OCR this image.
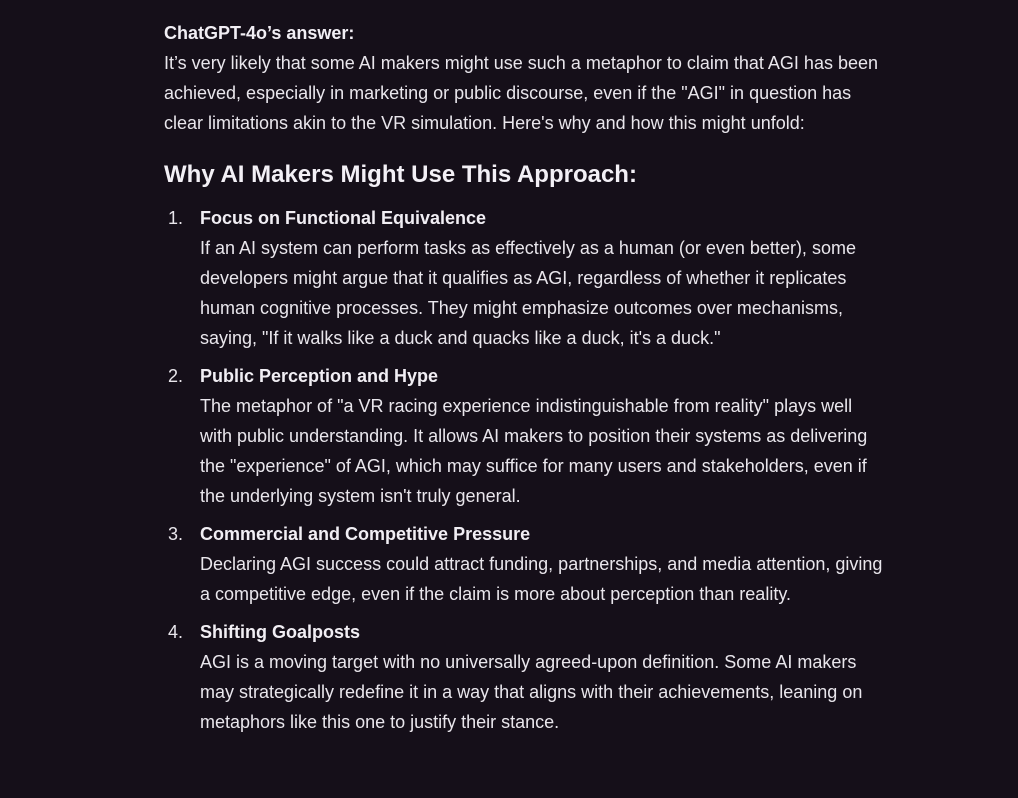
ChatGPT-4o’s answer:

It’s very likely that some AI makers might use such a metaphor to claim that AGI has been achieved, especially in marketing or public discourse, even if the "AGI" in question has clear limitations akin to the VR simulation. Here's why and how this might unfold:

Why AI Makers Might Use This Approach:
1. Focus on Functional Equivalence
If an AI system can perform tasks as effectively as a human (or even better), some developers might argue that it qualifies as AGI, regardless of whether it replicates human cognitive processes. They might emphasize outcomes over mechanisms, saying, "If it walks like a duck and quacks like a duck, it's a duck."
2. Public Perception and Hype
The metaphor of "a VR racing experience indistinguishable from reality" plays well with public understanding. It allows AI makers to position their systems as delivering the "experience" of AGI, which may suffice for many users and stakeholders, even if the underlying system isn't truly general.
3. Commercial and Competitive Pressure
Declaring AGI success could attract funding, partnerships, and media attention, giving a competitive edge, even if the claim is more about perception than reality.
4. Shifting Goalposts
AGI is a moving target with no universally agreed-upon definition. Some AI makers may strategically redefine it in a way that aligns with their achievements, leaning on metaphors like this one to justify their stance.
